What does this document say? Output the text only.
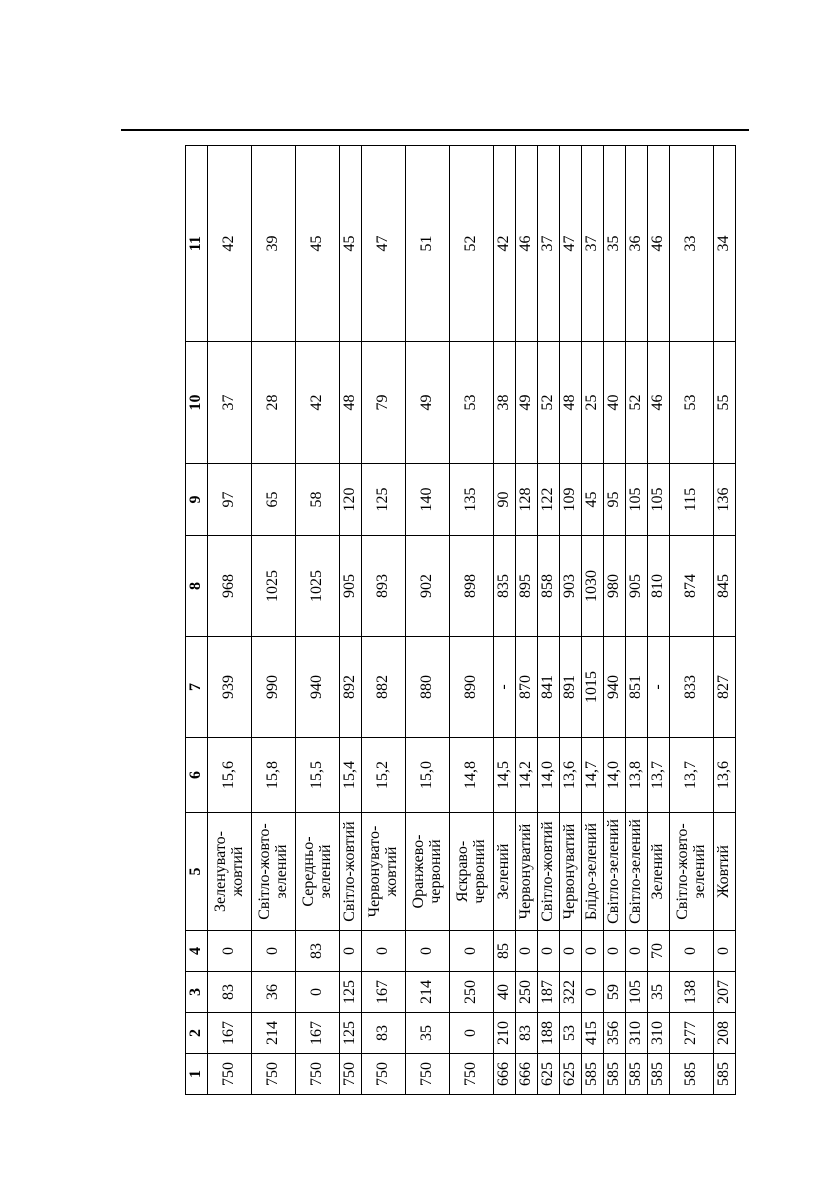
1	2	3	4	5	6	7	8	9	10	11
750	167	83	0	Зеленувато-жовтий	15,6	939	968	97	37	42
750	214	36	0	Світло-жовто-зелений	15,8	990	1025	65	28	39
750	167	0	83	Середньо-зелений	15,5	940	1025	58	42	45
750	125	125	0	Світло-жовтий	15,4	892	905	120	48	45
750	83	167	0	Червонувато-жовтий	15,2	882	893	125	79	47
750	35	214	0	Оранжево-червоний	15,0	880	902	140	49	51
750	0	250	0	Яскраво-червоний	14,8	890	898	135	53	52
666	210	40	85	Зелений	14,5	-	835	90	38	42
666	83	250	0	Червонуватий	14,2	870	895	128	49	46
625	188	187	0	Світло-жовтий	14,0	841	858	122	52	37
625	53	322	0	Червонуватий	13,6	891	903	109	48	47
585	415	0	0	Блідо-зелений	14,7	1015	1030	45	25	37
585	356	59	0	Світло-зелений	14,0	940	980	95	40	35
585	310	105	0	Світло-зелений	13,8	851	905	105	52	36
585	310	35	70	Зелений	13,7	-	810	105	46	46
585	277	138	0	Світло-жовто-зелений	13,7	833	874	115	53	33
585	208	207	0	Жовтий	13,6	827	845	136	55	34
